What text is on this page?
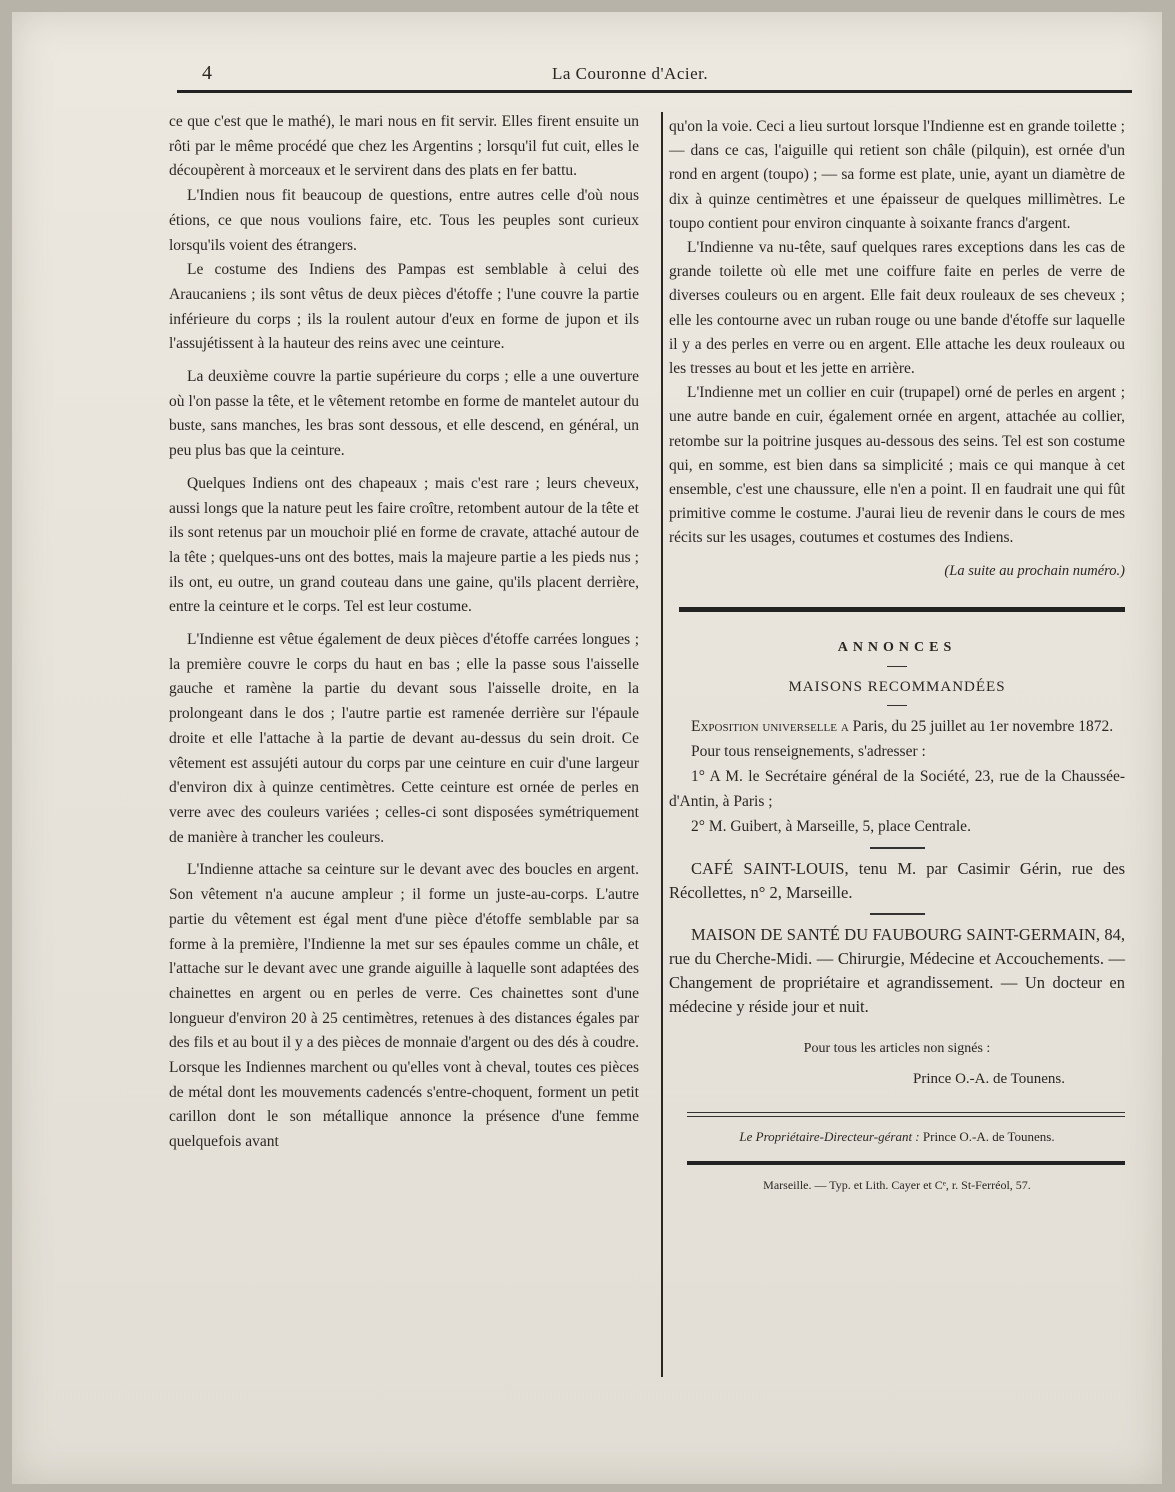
4	La Couronne d'Acier.

ce que c'est que le mathé), le mari nous en fit servir. Elles firent ensuite un rôti par le même procédé que chez les Argentins ; lorsqu'il fut cuit, elles le découpèrent à morceaux et le servirent dans des plats en fer battu.

L'Indien nous fit beaucoup de questions, entre autres celle d'où nous étions, ce que nous voulions faire, etc. Tous les peuples sont curieux lorsqu'ils voient des étrangers.

Le costume des Indiens des Pampas est semblable à celui des Araucaniens ; ils sont vêtus de deux pièces d'étoffe ; l'une couvre la partie inférieure du corps ; ils la roulent autour d'eux en forme de jupon et ils l'assujétissent à la hauteur des reins avec une ceinture.

La deuxième couvre la partie supérieure du corps ; elle a une ouverture où l'on passe la tête, et le vêtement retombe en forme de mantelet autour du buste, sans manches, les bras sont dessous, et elle descend, en général, un peu plus bas que la ceinture.

Quelques Indiens ont des chapeaux ; mais c'est rare ; leurs cheveux, aussi longs que la nature peut les faire croître, retombent autour de la tête et ils sont retenus par un mouchoir plié en forme de cravate, attaché autour de la tête ; quelques-uns ont des bottes, mais la majeure partie a les pieds nus ; ils ont, eu outre, un grand couteau dans une gaine, qu'ils placent derrière, entre la ceinture et le corps. Tel est leur costume.

L'Indienne est vêtue également de deux pièces d'étoffe carrées longues ; la première couvre le corps du haut en bas ; elle la passe sous l'aisselle gauche et ramène la partie du devant sous l'aisselle droite, en la prolongeant dans le dos ; l'autre partie est ramenée derrière sur l'épaule droite et elle l'attache à la partie de devant au-dessus du sein droit. Ce vêtement est assujéti autour du corps par une ceinture en cuir d'une largeur d'environ dix à quinze centimètres. Cette ceinture est ornée de perles en verre avec des couleurs variées ; celles-ci sont disposées symétriquement de manière à trancher les couleurs.

L'Indienne attache sa ceinture sur le devant avec des boucles en argent. Son vêtement n'a aucune ampleur ; il forme un juste-au-corps. L'autre partie du vêtement est égal ment d'une pièce d'étoffe semblable par sa forme à la première, l'Indienne la met sur ses épaules comme un châle, et l'attache sur le devant avec une grande aiguille à laquelle sont adaptées des chainettes en argent ou en perles de verre. Ces chainettes sont d'une longueur d'environ 20 à 25 centimètres, retenues à des distances égales par des fils et au bout il y a des pièces de monnaie d'argent ou des dés à coudre. Lorsque les Indiennes marchent ou qu'elles vont à cheval, toutes ces pièces de métal dont les mouvements cadencés s'entre-choquent, forment un petit carillon dont le son métallique annonce la présence d'une femme quelquefois avant

qu'on la voie. Ceci a lieu surtout lorsque l'Indienne est en grande toilette ; — dans ce cas, l'aiguille qui retient son châle (pilquin), est ornée d'un rond en argent (toupo) ; — sa forme est plate, unie, ayant un diamètre de dix à quinze centimètres et une épaisseur de quelques millimètres. Le toupo contient pour environ cinquante à soixante francs d'argent.

L'Indienne va nu-tête, sauf quelques rares exceptions dans les cas de grande toilette où elle met une coiffure faite en perles de verre de diverses couleurs ou en argent. Elle fait deux rouleaux de ses cheveux ; elle les contourne avec un ruban rouge ou une bande d'étoffe sur laquelle il y a des perles en verre ou en argent. Elle attache les deux rouleaux ou les tresses au bout et les jette en arrière.

L'Indienne met un collier en cuir (trupapel) orné de perles en argent ; une autre bande en cuir, également ornée en argent, attachée au collier, retombe sur la poitrine jusques au-dessous des seins. Tel est son costume qui, en somme, est bien dans sa simplicité ; mais ce qui manque à cet ensemble, c'est une chaussure, elle n'en a point. Il en faudrait une qui fût primitive comme le costume. J'aurai lieu de revenir dans le cours de mes récits sur les usages, coutumes et costumes des Indiens.

(La suite au prochain numéro.)
ANNONCES
MAISONS RECOMMANDÉES

Exposition universelle a Paris, du 25 juillet au 1er novembre 1872.

Pour tous renseignements, s'adresser :

1° A M. le Secrétaire général de la Société, 23, rue de la Chaussée-d'Antin, à Paris ;

2° M. Guibert, à Marseille, 5, place Centrale.

CAFÉ SAINT-LOUIS, tenu M. par Casimir Gérin, rue des Récollettes, n° 2, Marseille.

MAISON DE SANTÉ DU FAUBOURG SAINT-GERMAIN, 84, rue du Cherche-Midi. — Chirurgie, Médecine et Accouchements. — Changement de propriétaire et agrandissement. — Un docteur en médecine y réside jour et nuit.

Pour tous les articles non signés :
Prince O.-A. de Tounens.
Le Propriétaire-Directeur-gérant : Prince O.-A. de Tounens.
Marseille. — Typ. et Lith. Cayer et Cᵉ, r. St-Ferréol, 57.
